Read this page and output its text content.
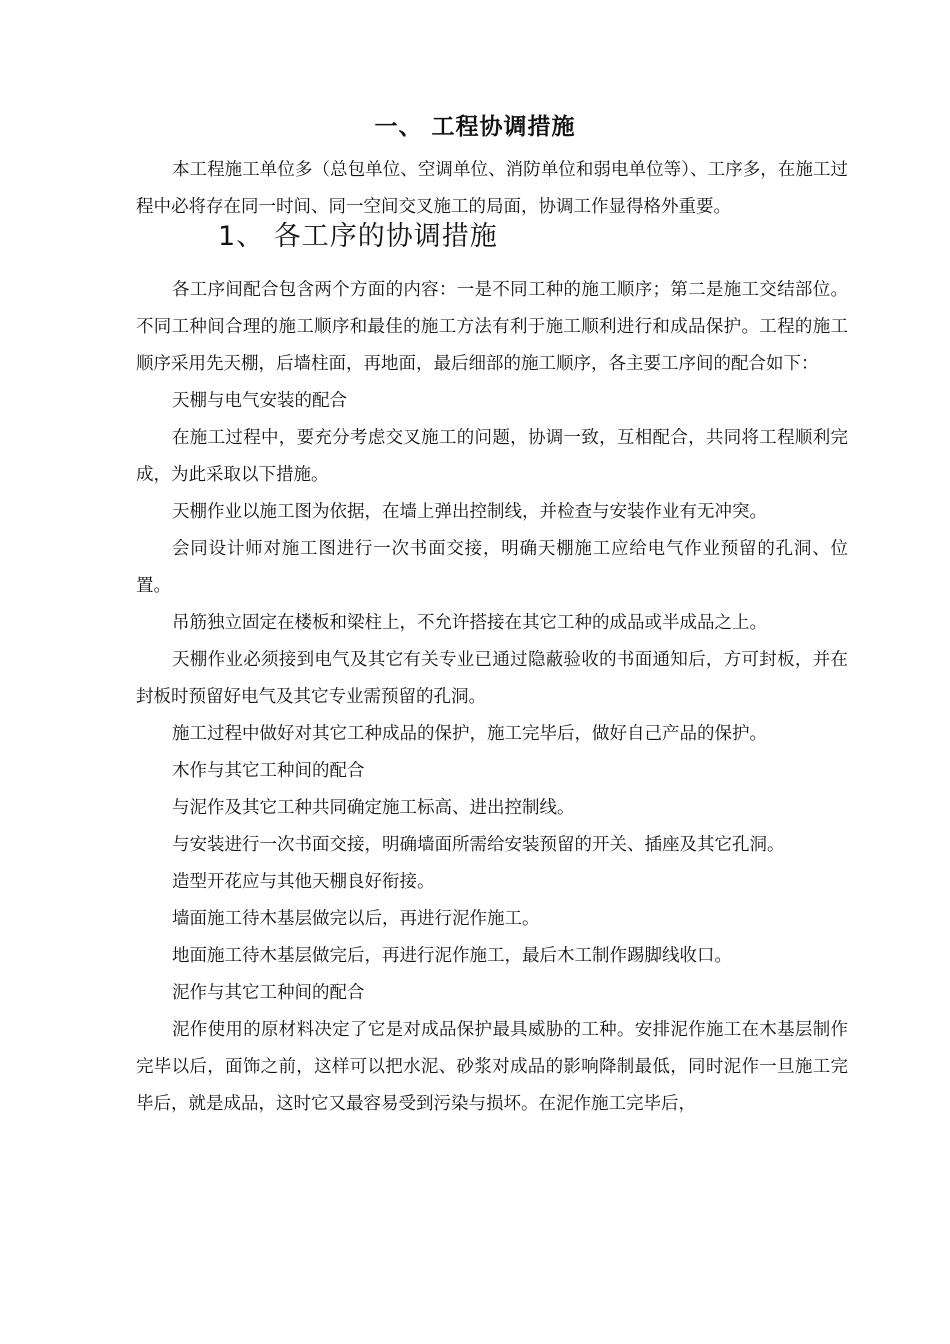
一、 工程协调措施

本工程施工单位多（总包单位、空调单位、消防单位和弱电单位等）、工序多，在施工过程中必将存在同一时间、同一空间交叉施工的局面，协调工作显得格外重要。

1、 各工序的协调措施

各工序间配合包含两个方面的内容：一是不同工种的施工顺序；第二是施工交结部位。不同工种间合理的施工顺序和最佳的施工方法有利于施工顺利进行和成品保护。工程的施工顺序采用先天棚，后墙柱面，再地面，最后细部的施工顺序，各主要工序间的配合如下：

天棚与电气安装的配合

在施工过程中，要充分考虑交叉施工的问题，协调一致，互相配合，共同将工程顺利完成，为此采取以下措施。

天棚作业以施工图为依据，在墙上弹出控制线，并检查与安装作业有无冲突。

会同设计师对施工图进行一次书面交接，明确天棚施工应给电气作业预留的孔洞、位置。

吊筋独立固定在楼板和梁柱上，不允许搭接在其它工种的成品或半成品之上。

天棚作业必须接到电气及其它有关专业已通过隐蔽验收的书面通知后，方可封板，并在封板时预留好电气及其它专业需预留的孔洞。

施工过程中做好对其它工种成品的保护，施工完毕后，做好自己产品的保护。

木作与其它工种间的配合

与泥作及其它工种共同确定施工标高、进出控制线。

与安装进行一次书面交接，明确墙面所需给安装预留的开关、插座及其它孔洞。

造型开花应与其他天棚良好衔接。

墙面施工待木基层做完以后，再进行泥作施工。

地面施工待木基层做完后，再进行泥作施工，最后木工制作踢脚线收口。

泥作与其它工种间的配合

泥作使用的原材料决定了它是对成品保护最具威胁的工种。安排泥作施工在木基层制作完毕以后，面饰之前，这样可以把水泥、砂浆对成品的影响降制最低，同时泥作一旦施工完毕后，就是成品，这时它又最容易受到污染与损坏。在泥作施工完毕后，
